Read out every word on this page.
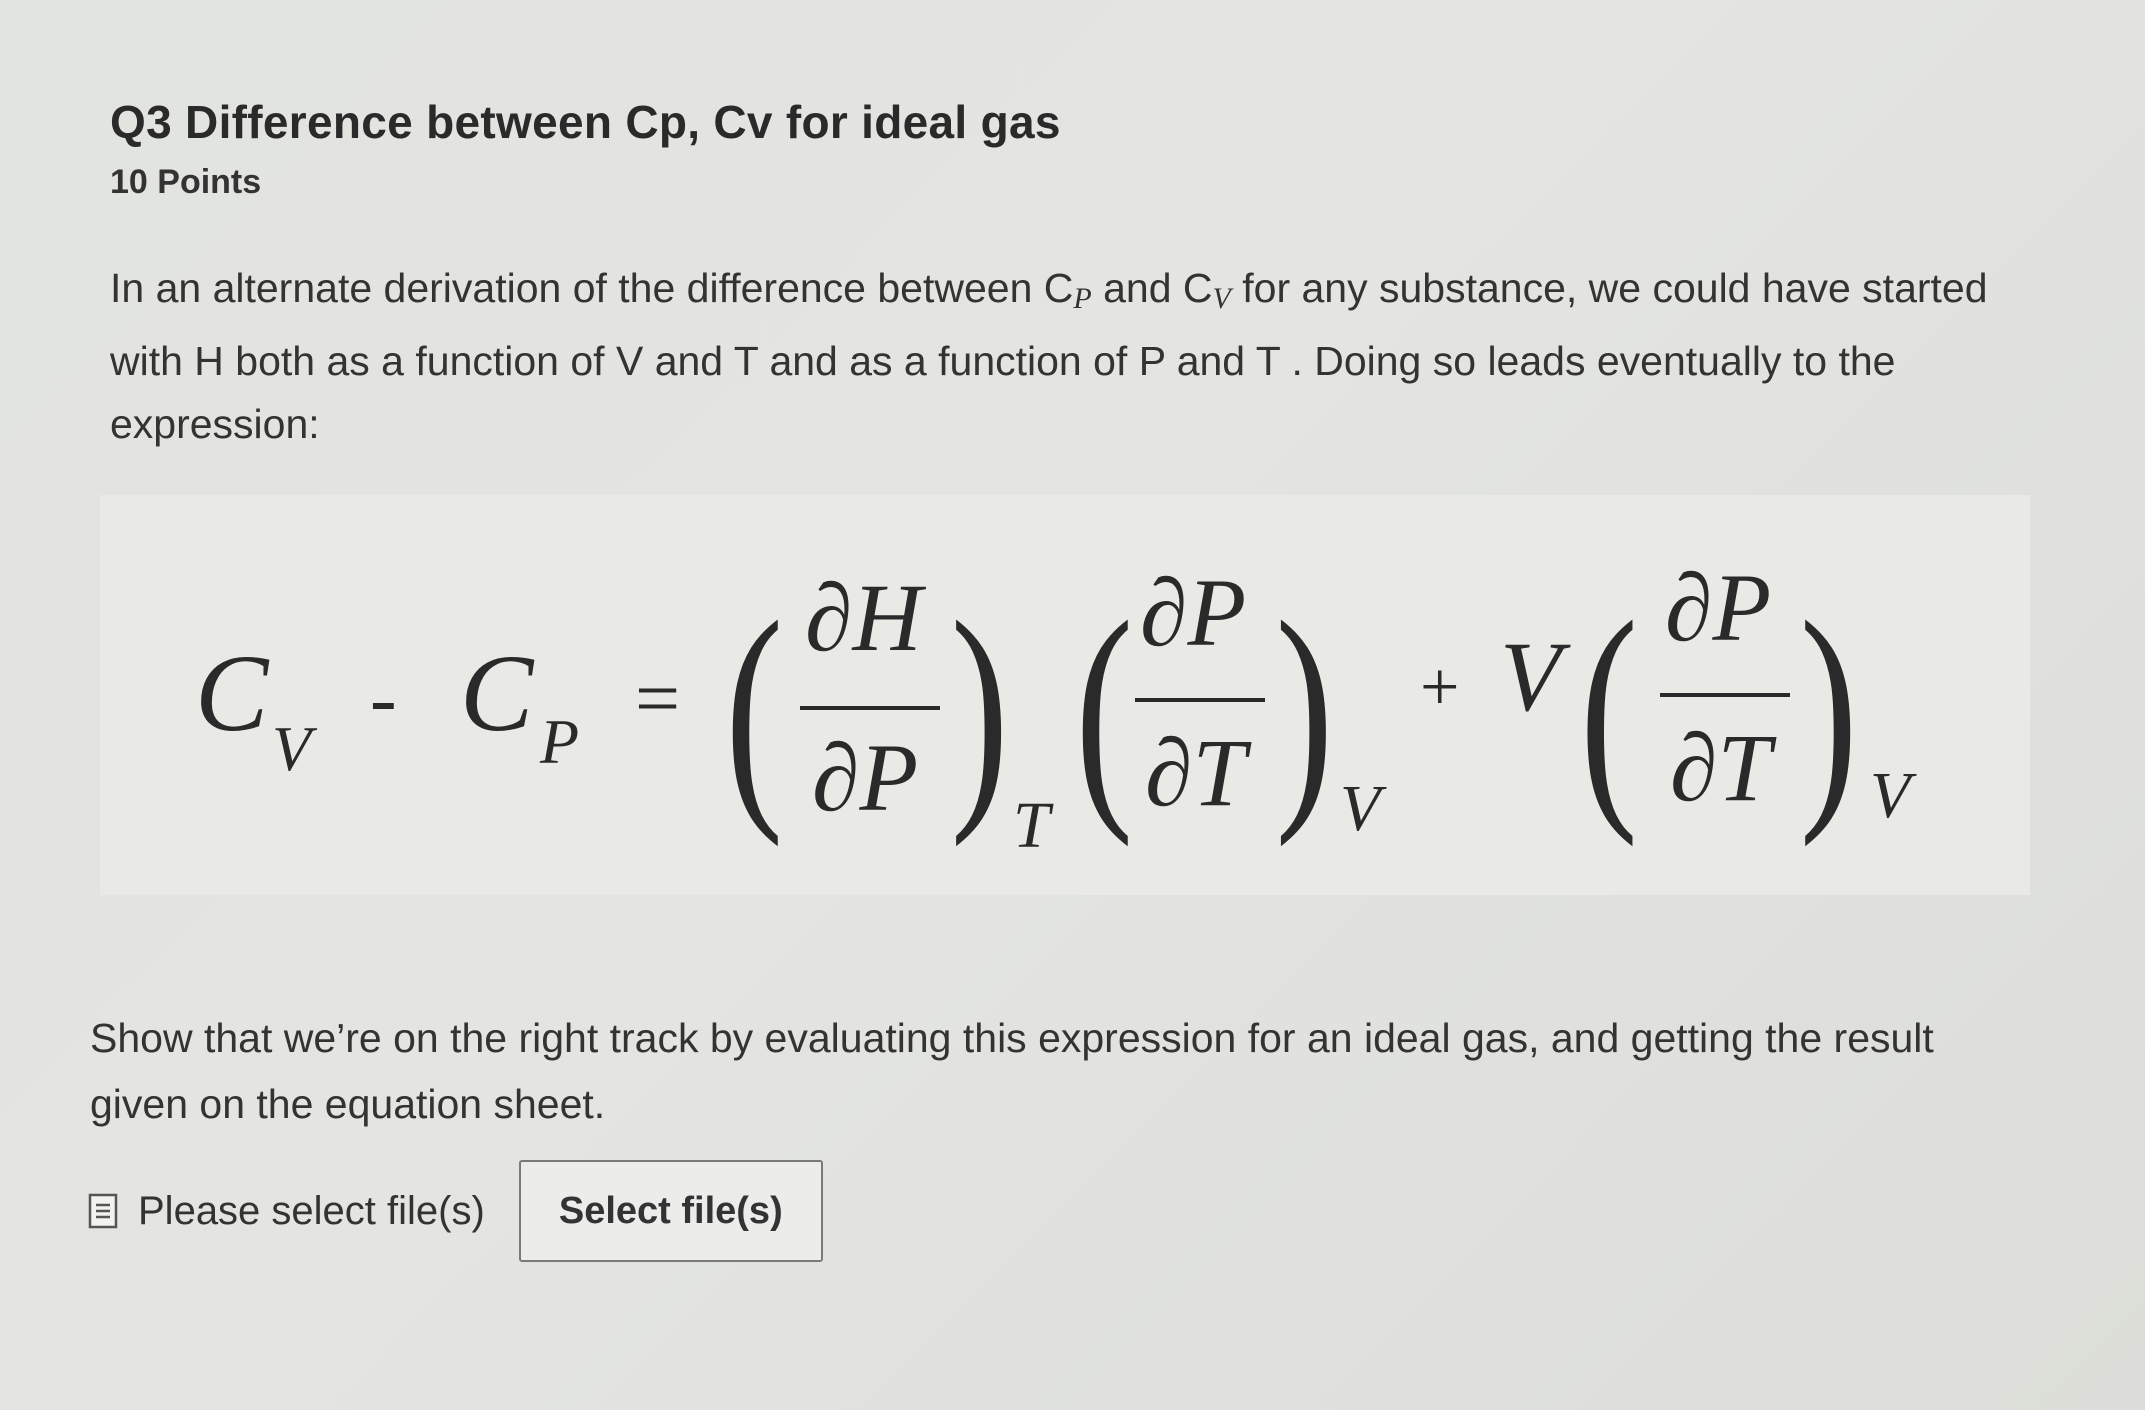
Q3 Difference between Cp, Cv for ideal gas
10 Points

In an alternate derivation of the difference between $C_P$ and $C_V$ for any substance, we could have started with H both as a function of V and T and as a function of P and T . Doing so leads eventually to the expression:

C V
- C P = ( ∂H
∂P ) T ( ∂P
∂T ) V
+ V ( ∂P
∂T ) V
Show that we’re on the right track by evaluating this expression for an ideal gas, and getting the result given on the equation sheet.
Please select file(s)	Select file(s)
